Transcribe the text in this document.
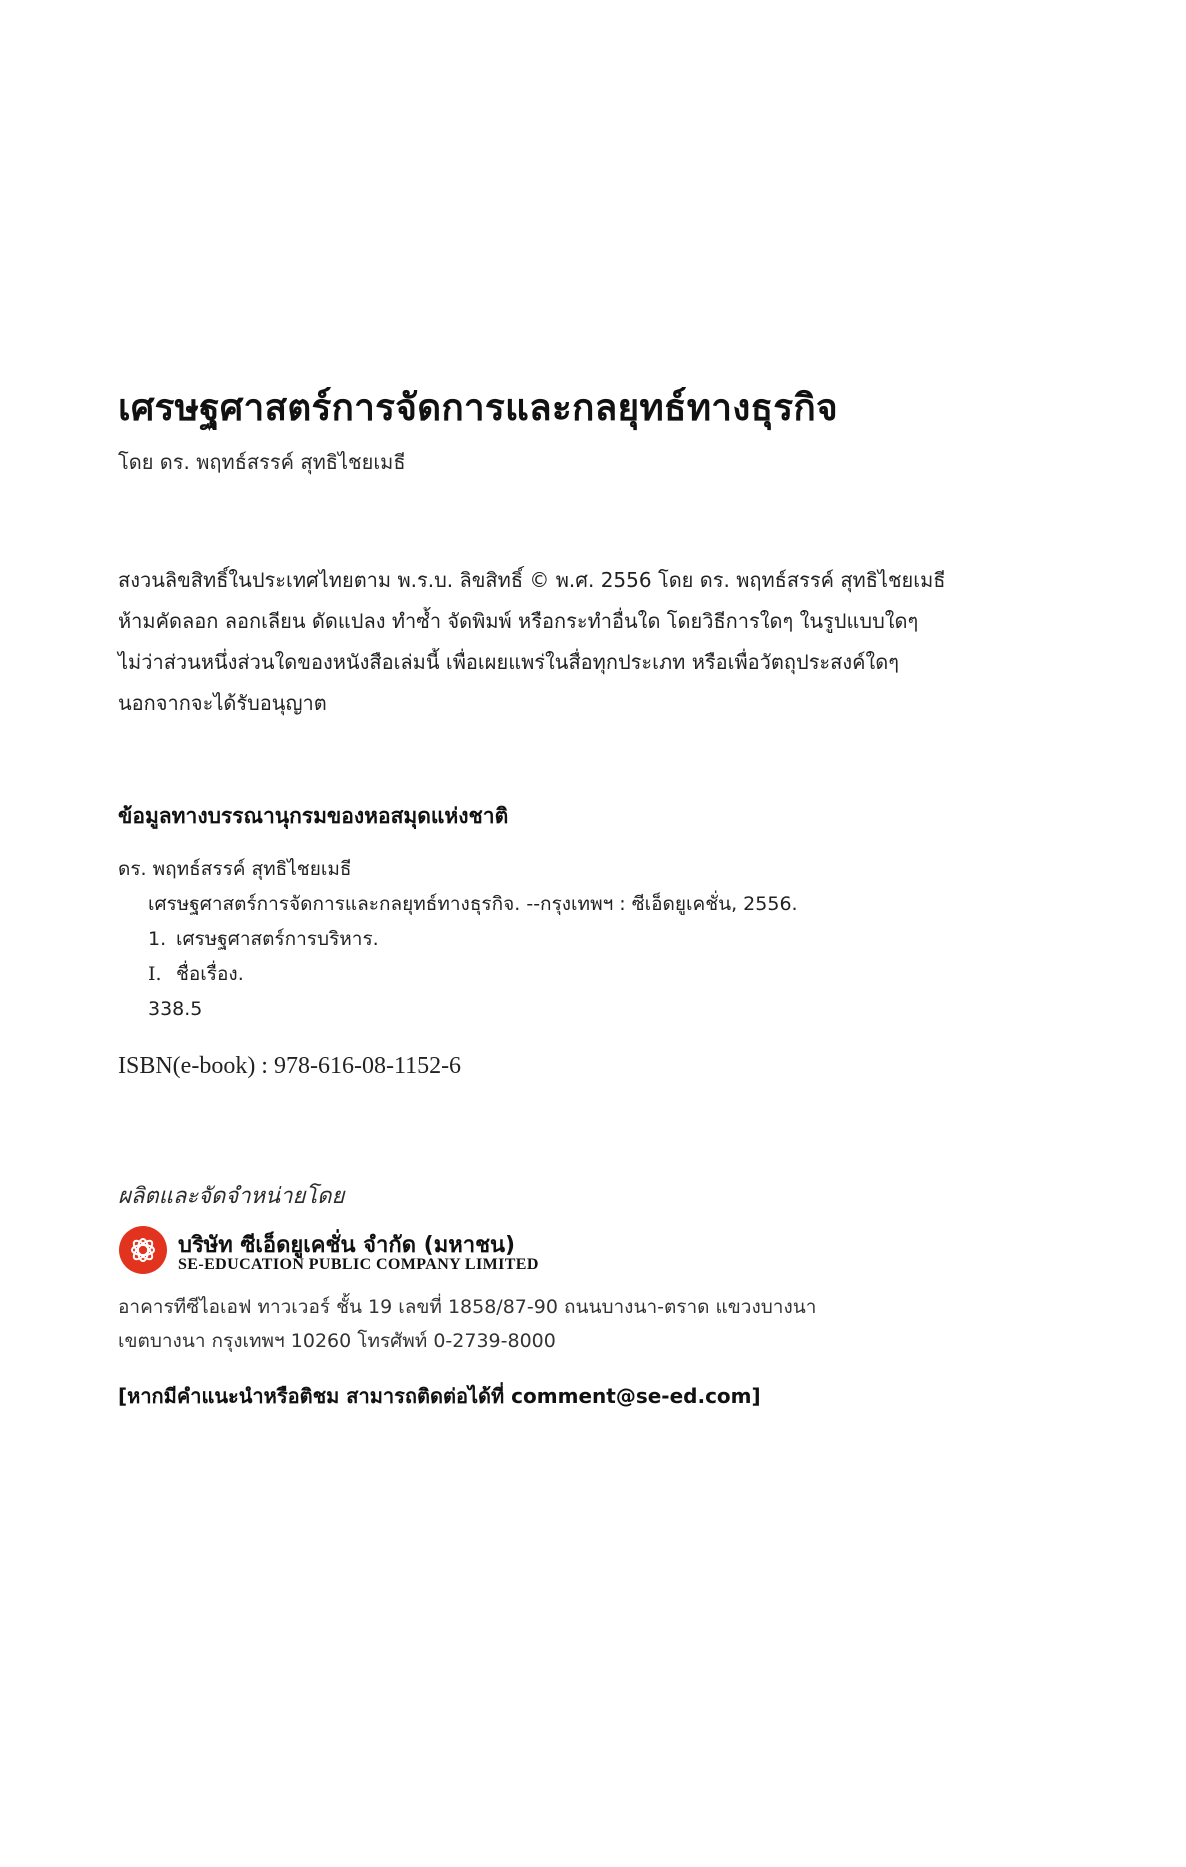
เศรษฐศาสตร์การจัดการและกลยุทธ์ทางธุรกิจ
โดย ดร. พฤทธ์สรรค์ สุทธิไชยเมธี
สงวนลิขสิทธิ์ในประเทศไทยตาม พ.ร.บ. ลิขสิทธิ์ © พ.ศ. 2556 โดย ดร. พฤทธ์สรรค์ สุทธิไชยเมธี
ห้ามคัดลอก ลอกเลียน ดัดแปลง ทำซ้ำ จัดพิมพ์ หรือกระทำอื่นใด โดยวิธีการใดๆ ในรูปแบบใดๆ
ไม่ว่าส่วนหนึ่งส่วนใดของหนังสือเล่มนี้ เพื่อเผยแพร่ในสื่อทุกประเภท หรือเพื่อวัตถุประสงค์ใดๆ
นอกจากจะได้รับอนุญาต
ข้อมูลทางบรรณานุกรมของหอสมุดแห่งชาติ
ดร. พฤทธ์สรรค์ สุทธิไชยเมธี
เศรษฐศาสตร์การจัดการและกลยุทธ์ทางธุรกิจ. --กรุงเทพฯ : ซีเอ็ดยูเคชั่น, 2556.
1. เศรษฐศาสตร์การบริหาร.
I. ชื่อเรื่อง.
338.5
ISBN(e-book) : 978-616-08-1152-6
ผลิตและจัดจำหน่ายโดย
บริษัท ซีเอ็ดยูเคชั่น จำกัด (มหาชน)
SE-EDUCATION PUBLIC COMPANY LIMITED
อาคารทีซีไอเอฟ ทาวเวอร์ ชั้น 19 เลขที่ 1858/87-90 ถนนบางนา-ตราด แขวงบางนา
เขตบางนา กรุงเทพฯ 10260 โทรศัพท์ 0-2739-8000
[หากมีคำแนะนำหรือติชม สามารถติดต่อได้ที่ comment@se-ed.com]
